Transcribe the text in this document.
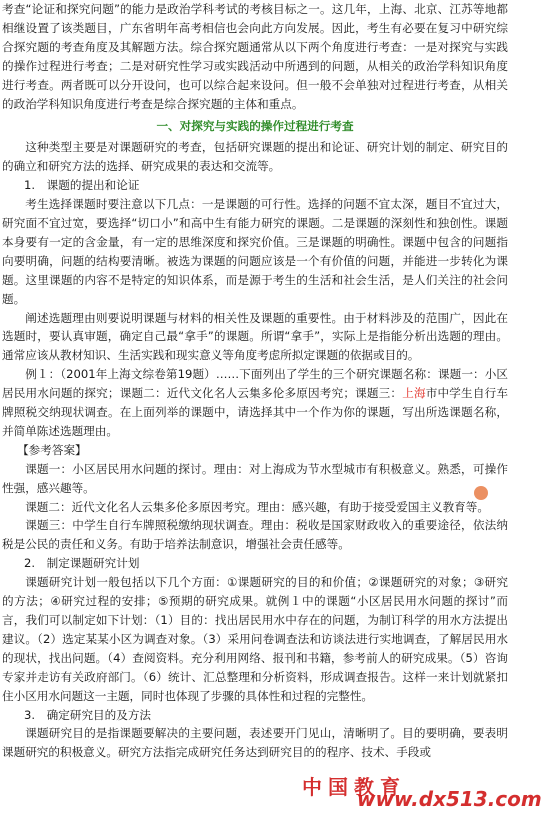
考查“论证和探究问题”的能力是政治学科考试的考核目标之一。这几年，上海、北京、江苏等地都相继设置了该类题目，广东省明年高考相信也会向此方向发展。因此，考生有必要在复习中研究综合探究题的考查角度及其解题方法。综合探究题通常从以下两个角度进行考查：一是对探究与实践的操作过程进行考查；二是对研究性学习或实践活动中所遇到的问题，从相关的政治学科知识角度进行考查。两者既可以分开设问，也可以综合起来设问。但一般不会单独对过程进行考查，从相关的政治学科知识角度进行考查是综合探究题的主体和重点。

一、对探究与实践的操作过程进行考查

这种类型主要是对课题研究的考查，包括研究课题的提出和论证、研究计划的制定、研究目的的确立和研究方法的选择、研究成果的表达和交流等。

1.　课题的提出和论证

考生选择课题时要注意以下几点：一是课题的可行性。选择的问题不宜太深，题目不宜过大，研究面不宜过宽，要选择“切口小”和高中生有能力研究的课题。二是课题的深刻性和独创性。课题本身要有一定的含金量，有一定的思维深度和探究价值。三是课题的明确性。课题中包含的问题指向要明确，问题的结构要清晰。被选为课题的问题应该是一个有价值的问题，并能进一步转化为课题。这里课题的内容不是特定的知识体系，而是源于考生的生活和社会生活，是人们关注的社会问题。

阐述选题理由则要说明课题与材料的相关性及课题的重要性。由于材料涉及的范围广，因此在选题时，要认真审题，确定自己最“拿手”的课题。所谓“拿手”，实际上是指能分析出选题的理由。通常应该从教材知识、生活实践和现实意义等角度考虑所拟定课题的依据或目的。

例１：（2001年上海文综卷第19题）……下面列出了学生的三个研究课题名称：课题一：小区居民用水问题的探究；课题二：近代文化名人云集多伦多原因考究；课题三：上海市中学生自行车牌照税交纳现状调查。在上面列举的课题中，请选择其中一个作为你的课题，写出所选课题名称，并简单陈述选题理由。

【参考答案】

课题一：小区居民用水问题的探讨。理由：对上海成为节水型城市有积极意义。熟悉，可操作性强，感兴趣等。

课题二：近代文化名人云集多伦多原因考究。理由：感兴趣，有助于接受爱国主义教育等。

课题三：中学生自行车牌照税缴纳现状调查。理由：税收是国家财政收入的重要途径，依法纳税是公民的责任和义务。有助于培养法制意识，增强社会责任感等。

2.　制定课题研究计划

课题研究计划一般包括以下几个方面：①课题研究的目的和价值；②课题研究的对象；③研究的方法；④研究过程的安排；⑤预期的研究成果。就例１中的课题“小区居民用水问题的探讨”而言，我们可以制定如下计划：（1）目的：找出居民用水中存在的问题，为制订科学的用水方法提出建议。（2）选定某某小区为调查对象。（3）采用问卷调查法和访谈法进行实地调查，了解居民用水的现状，找出问题。（4）查阅资料。充分利用网络、报刊和书籍，参考前人的研究成果。（5）咨询专家并走访有关政府部门。（6）统计、汇总整理和分析资料，形成调查报告。这样一来计划就紧扣住小区用水问题这一主题，同时也体现了步骤的具体性和过程的完整性。

3.　确定研究目的及方法

课题研究目的是指课题要解决的主要问题，表述要开门见山，清晰明了。目的要明确，要表明课题研究的积极意义。研究方法指完成研究任务达到研究目的的程序、技术、手段或

中国教育
www.dx513.com
